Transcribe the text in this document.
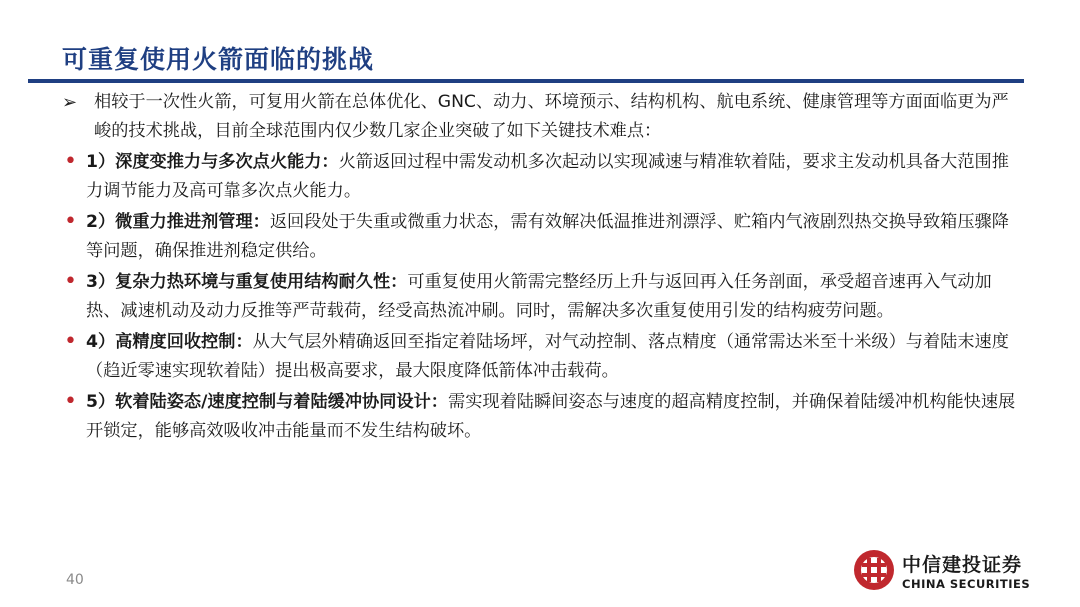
可重复使用火箭面临的挑战
➢ 相较于一次性火箭，可复用火箭在总体优化、GNC、动力、环境预示、结构机构、航电系统、健康管理等方面面临更为严峻的技术挑战，目前全球范围内仅少数几家企业突破了如下关键技术难点：
• 1）深度变推力与多次点火能力：火箭返回过程中需发动机多次起动以实现减速与精准软着陆，要求主发动机具备大范围推力调节能力及高可靠多次点火能力。
• 2）微重力推进剂管理：返回段处于失重或微重力状态，需有效解决低温推进剂漂浮、贮箱内气液剧烈热交换导致箱压骤降等问题，确保推进剂稳定供给。
• 3）复杂力热环境与重复使用结构耐久性：可重复使用火箭需完整经历上升与返回再入任务剖面，承受超音速再入气动加热、减速机动及动力反推等严苛载荷，经受高热流冲刷。同时，需解决多次重复使用引发的结构疲劳问题。
• 4）高精度回收控制：从大气层外精确返回至指定着陆场坪，对气动控制、落点精度（通常需达米至十米级）与着陆末速度（趋近零速实现软着陆）提出极高要求，最大限度降低箭体冲击载荷。
• 5）软着陆姿态/速度控制与着陆缓冲协同设计：需实现着陆瞬间姿态与速度的超高精度控制，并确保着陆缓冲机构能快速展开锁定，能够高效吸收冲击能量而不发生结构破坏。
40
中信建投证券
CHINA SECURITIES
